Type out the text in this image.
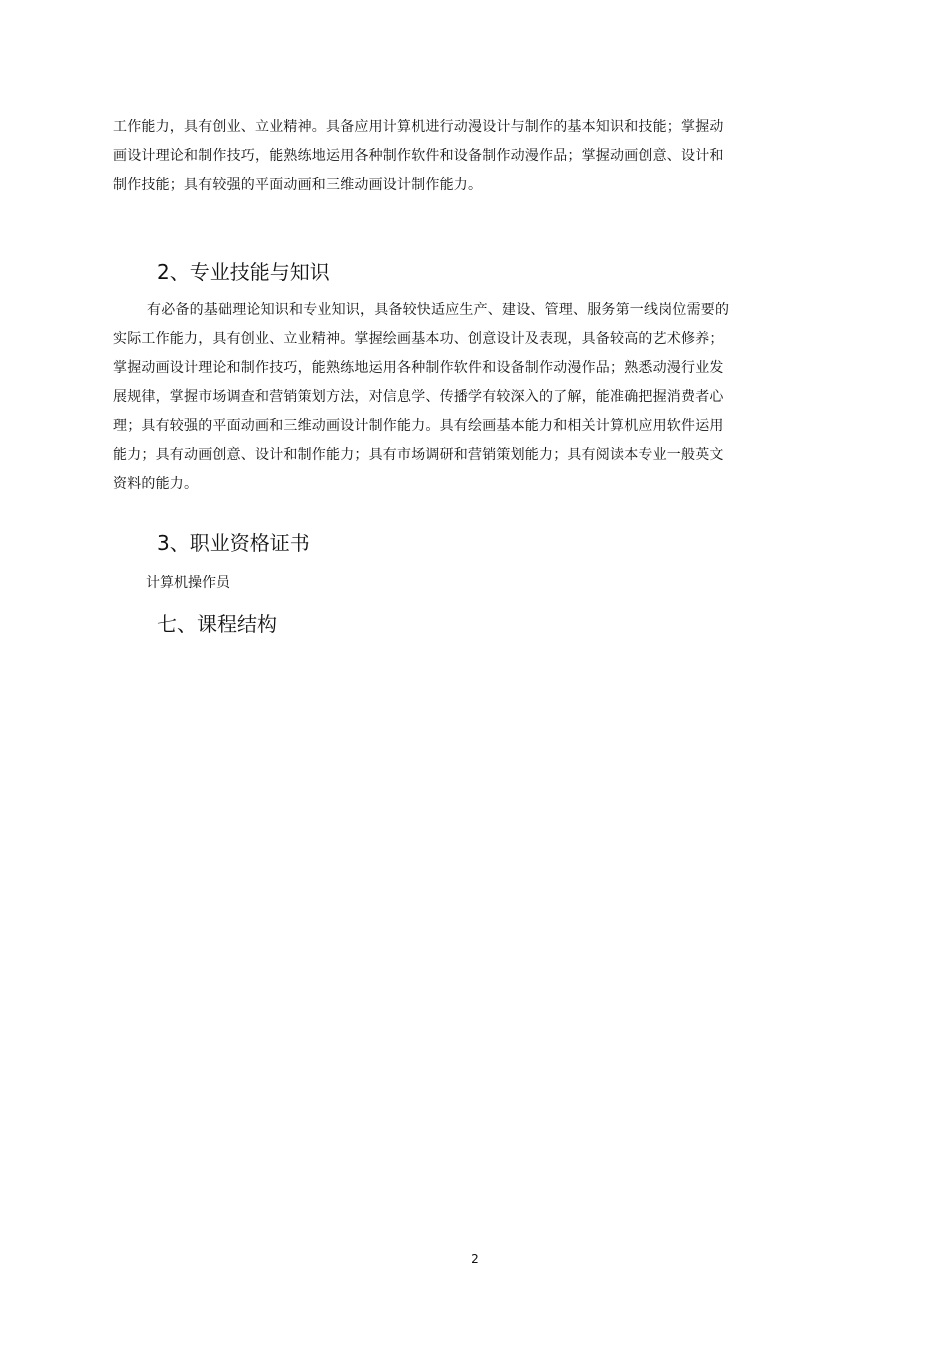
工作能力，具有创业、立业精神。具备应用计算机进行动漫设计与制作的基本知识和技能；掌握动
画设计理论和制作技巧，能熟练地运用各种制作软件和设备制作动漫作品；掌握动画创意、设计和
制作技能；具有较强的平面动画和三维动画设计制作能力。
2、专业技能与知识
有必备的基础理论知识和专业知识，具备较快适应生产、建设、管理、服务第一线岗位需要的
实际工作能力，具有创业、立业精神。掌握绘画基本功、创意设计及表现，具备较高的艺术修养；
掌握动画设计理论和制作技巧，能熟练地运用各种制作软件和设备制作动漫作品；熟悉动漫行业发
展规律，掌握市场调查和营销策划方法，对信息学、传播学有较深入的了解，能准确把握消费者心
理；具有较强的平面动画和三维动画设计制作能力。具有绘画基本能力和相关计算机应用软件运用
能力；具有动画创意、设计和制作能力；具有市场调研和营销策划能力；具有阅读本专业一般英文
资料的能力。
3、职业资格证书
计算机操作员
七、课程结构
2
